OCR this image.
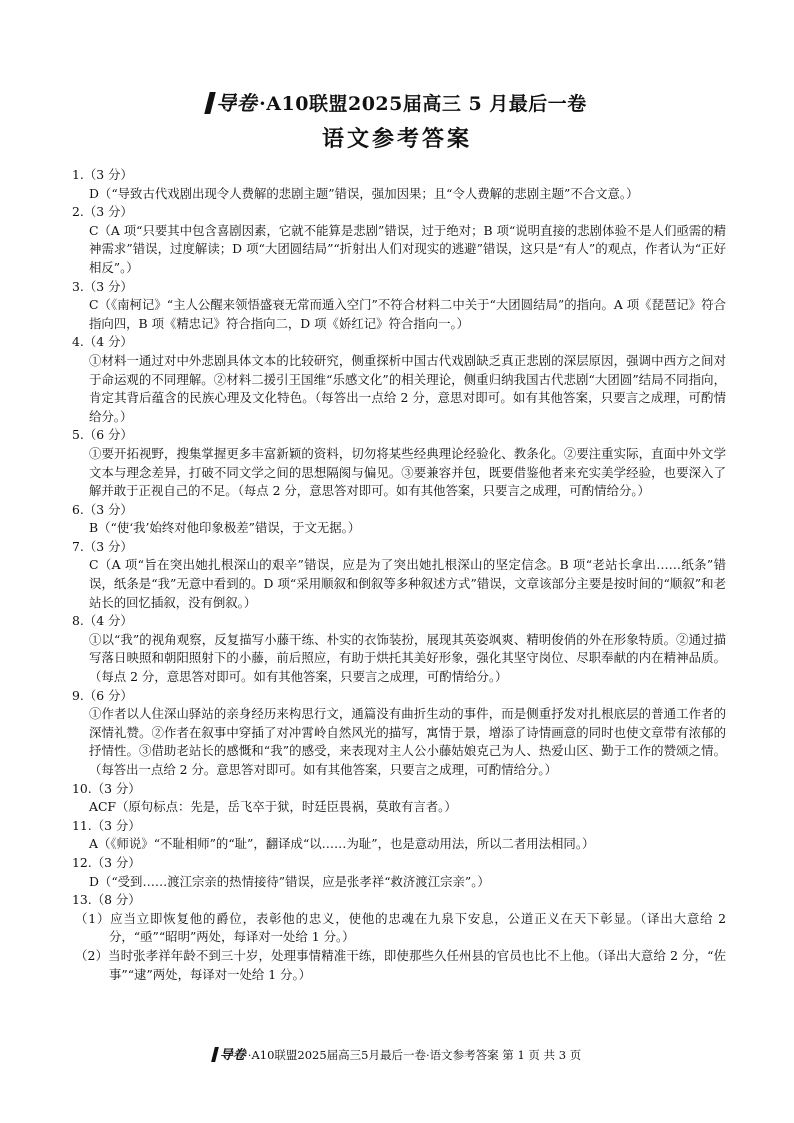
导卷 ·A10联盟2025届高三 5 月最后一卷
语文参考答案
1.（3 分）
D（“导致古代戏剧出现令人费解的悲剧主题”错误，强加因果；且“令人费解的悲剧主题”不合文意。）
2.（3 分）
C（A 项“只要其中包含喜剧因素，它就不能算是悲剧”错误，过于绝对；B 项“说明直接的悲剧体验不是人们亟需的精神需求”错误，过度解读；D 项“大团圆结局”“折射出人们对现实的逃避”错误，这只是“有人”的观点，作者认为“正好相反”。）
3.（3 分）
C（《南柯记》“主人公醒来领悟盛衰无常而遁入空门”不符合材料二中关于“大团圆结局”的指向。A 项《琵琶记》符合指向四，B 项《精忠记》符合指向二，D 项《娇红记》符合指向一。）
4.（4 分）
①材料一通过对中外悲剧具体文本的比较研究，侧重探析中国古代戏剧缺乏真正悲剧的深层原因，强调中西方之间对于命运观的不同理解。②材料二援引王国维“乐感文化”的相关理论，侧重归纳我国古代悲剧“大团圆”结局不同指向，肯定其背后蕴含的民族心理及文化特色。（每答出一点给 2 分，意思对即可。如有其他答案，只要言之成理，可酌情给分。）
5.（6 分）
①要开拓视野，搜集掌握更多丰富新颖的资料，切勿将某些经典理论经验化、教条化。②要注重实际，直面中外文学文本与理念差异，打破不同文学之间的思想隔阂与偏见。③要兼容并包，既要借鉴他者来充实美学经验，也要深入了解并敢于正视自己的不足。（每点 2 分，意思答对即可。如有其他答案，只要言之成理，可酌情给分。）
6.（3 分）
B（“使‘我’始终对他印象极差”错误，于文无据。）
7.（3 分）
C（A 项“旨在突出她扎根深山的艰辛”错误，应是为了突出她扎根深山的坚定信念。B 项“老站长拿出……纸条”错误，纸条是“我”无意中看到的。D 项“采用顺叙和倒叙等多种叙述方式”错误，文章该部分主要是按时间的“顺叙”和老站长的回忆插叙，没有倒叙。）
8.（4 分）
①以“我”的视角观察，反复描写小藤干练、朴实的衣饰装扮，展现其英姿飒爽、精明俊俏的外在形象特质。②通过描写落日映照和朝阳照射下的小藤，前后照应，有助于烘托其美好形象，强化其坚守岗位、尽职奉献的内在精神品质。（每点 2 分，意思答对即可。如有其他答案，只要言之成理，可酌情给分。）
9.（6 分）
①作者以人住深山驿站的亲身经历来构思行文，通篇没有曲折生动的事件，而是侧重抒发对扎根底层的普通工作者的深情礼赞。②作者在叙事中穿插了对冲霄岭自然风光的描写，寓情于景，增添了诗情画意的同时也使文章带有浓郁的抒情性。③借助老站长的感慨和“我”的感受，来表现对主人公小藤姑娘克己为人、热爱山区、勤于工作的赞颂之情。（每答出一点给 2 分。意思答对即可。如有其他答案，只要言之成理，可酌情给分。）
10.（3 分）
ACF（原句标点：先是，岳飞卒于狱，时廷臣畏祸，莫敢有言者。）
11.（3 分）
A（《师说》“不耻相师”的“耻”，翻译成“以……为耻”，也是意动用法，所以二者用法相同。）
12.（3 分）
D（“受到……渡江宗亲的热情接待”错误，应是张孝祥“救济渡江宗亲”。）
13.（8 分）
（1）应当立即恢复他的爵位，表彰他的忠义，使他的忠魂在九泉下安息，公道正义在天下彰显。（译出大意给 2 分，“亟”“昭明”两处，每译对一处给 1 分。）
（2）当时张孝祥年龄不到三十岁，处理事情精准干练，即使那些久任州县的官员也比不上他。（译出大意给 2 分，“佐事”“逮”两处，每译对一处给 1 分。）
导卷 ·A10联盟2025届高三5月最后一卷·语文参考答案 第 1 页 共 3 页
